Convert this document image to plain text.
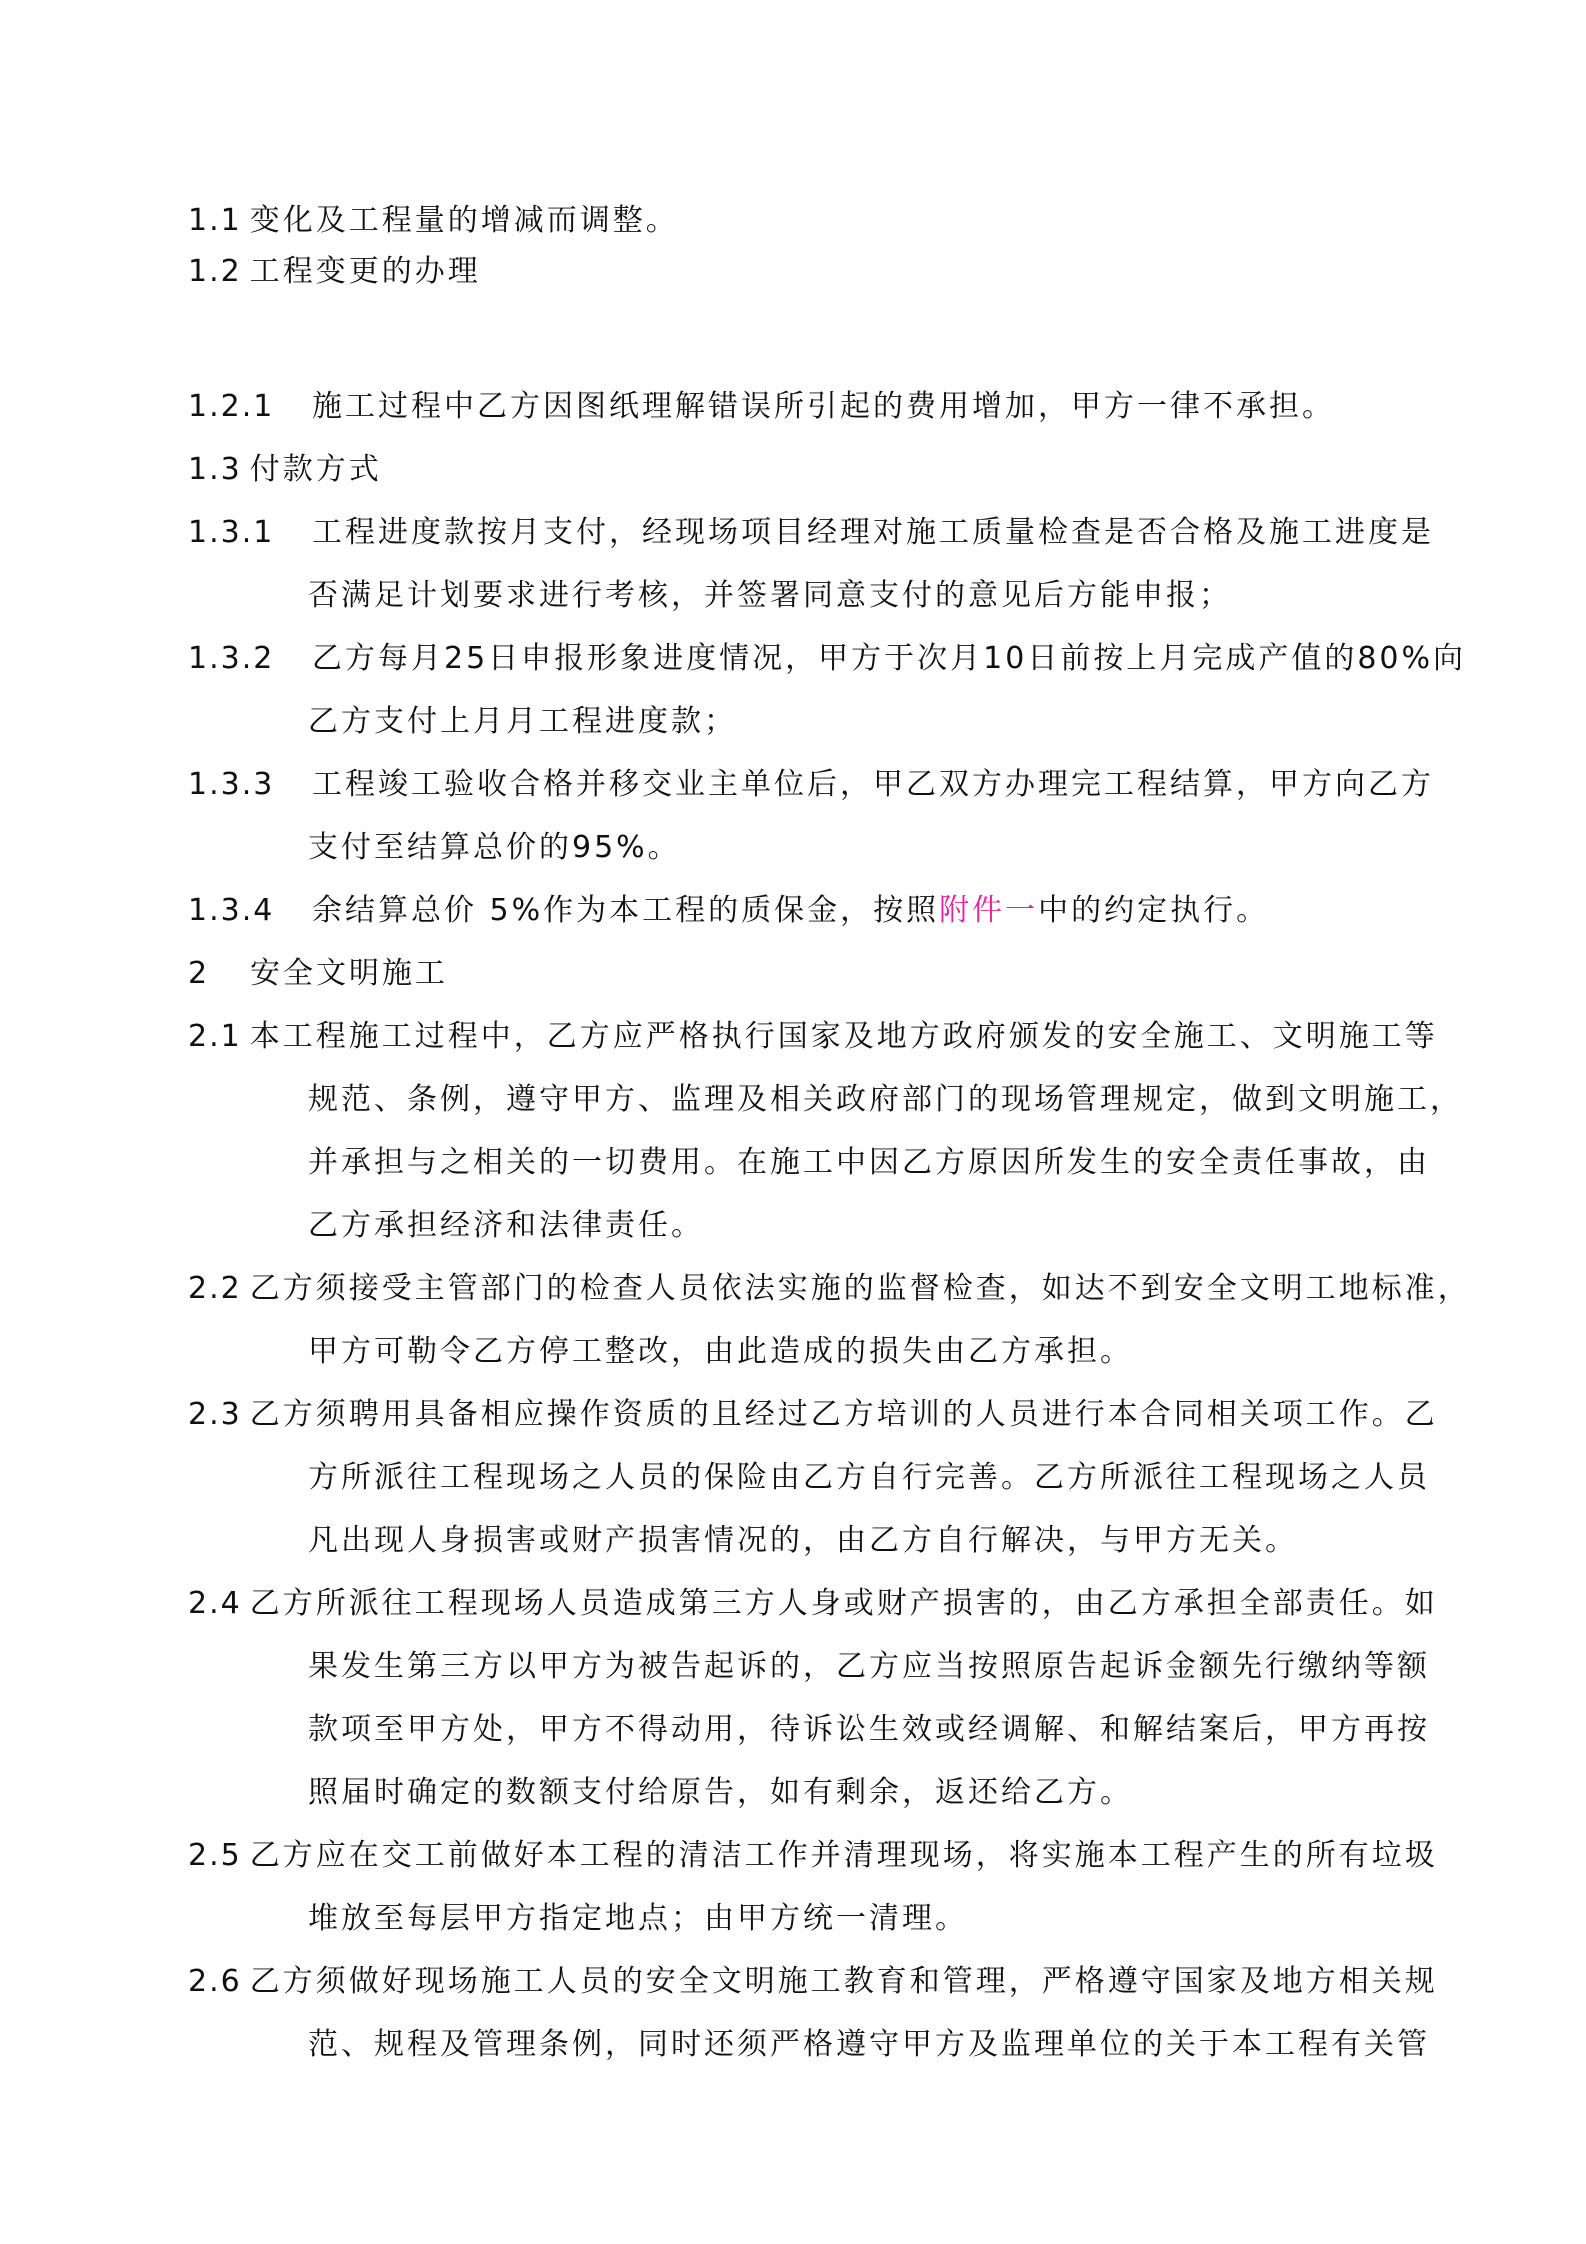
1.1 变化及工程量的增减而调整。
1.2 工程变更的办理
1.2.1 施工过程中乙方因图纸理解错误所引起的费用增加，甲方一律不承担。
1.3 付款方式
1.3.1 工程进度款按月支付，经现场项目经理对施工质量检查是否合格及施工进度是
否满足计划要求进行考核，并签署同意支付的意见后方能申报；
1.3.2 乙方每月25日申报形象进度情况，甲方于次月10日前按上月完成产值的80%向
乙方支付上月月工程进度款；
1.3.3 工程竣工验收合格并移交业主单位后，甲乙双方办理完工程结算，甲方向乙方
支付至结算总价的95%。
1.3.4 余结算总价 5%作为本工程的质保金，按照附件一中的约定执行。
2 安全文明施工
2.1 本工程施工过程中，乙方应严格执行国家及地方政府颁发的安全施工、文明施工等
规范、条例，遵守甲方、监理及相关政府部门的现场管理规定，做到文明施工，
并承担与之相关的一切费用。在施工中因乙方原因所发生的安全责任事故，由
乙方承担经济和法律责任。
2.2 乙方须接受主管部门的检查人员依法实施的监督检查，如达不到安全文明工地标准，
甲方可勒令乙方停工整改，由此造成的损失由乙方承担。
2.3 乙方须聘用具备相应操作资质的且经过乙方培训的人员进行本合同相关项工作。乙
方所派往工程现场之人员的保险由乙方自行完善。乙方所派往工程现场之人员
凡出现人身损害或财产损害情况的，由乙方自行解决，与甲方无关。
2.4 乙方所派往工程现场人员造成第三方人身或财产损害的，由乙方承担全部责任。如
果发生第三方以甲方为被告起诉的，乙方应当按照原告起诉金额先行缴纳等额
款项至甲方处，甲方不得动用，待诉讼生效或经调解、和解结案后，甲方再按
照届时确定的数额支付给原告，如有剩余，返还给乙方。
2.5 乙方应在交工前做好本工程的清洁工作并清理现场，将实施本工程产生的所有垃圾
堆放至每层甲方指定地点；由甲方统一清理。
2.6 乙方须做好现场施工人员的安全文明施工教育和管理，严格遵守国家及地方相关规
范、规程及管理条例，同时还须严格遵守甲方及监理单位的关于本工程有关管
